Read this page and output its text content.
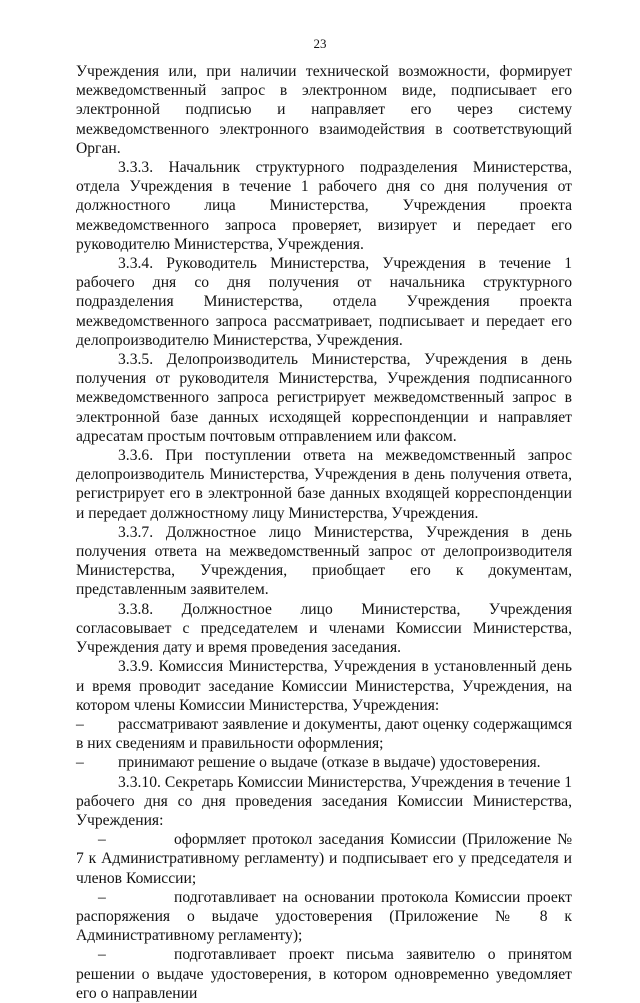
23

Учреждения или, при наличии технической возможности, формирует межведомственный запрос в электронном виде, подписывает его электронной подписью и направляет его через систему межведомственного электронного взаимодействия в соответствующий Орган.

3.3.3. Начальник структурного подразделения Министерства, отдела Учреждения в течение 1 рабочего дня со дня получения от должностного лица Министерства, Учреждения проекта межведомственного запроса проверяет, визирует и передает его руководителю Министерства, Учреждения.

3.3.4. Руководитель Министерства, Учреждения в течение 1 рабочего дня со дня получения от начальника структурного подразделения Министерства, отдела Учреждения проекта межведомственного запроса рассматривает, подписывает и передает его делопроизводителю Министерства, Учреждения.

3.3.5. Делопроизводитель Министерства, Учреждения в день получения от руководителя Министерства, Учреждения подписанного межведомственного запроса регистрирует межведомственный запрос в электронной базе данных исходящей корреспонденции и направляет адресатам простым почтовым отправлением или факсом.

3.3.6. При поступлении ответа на межведомственный запрос делопроизводитель Министерства, Учреждения в день получения ответа, регистрирует его в электронной базе данных входящей корреспонденции и передает должностному лицу Министерства, Учреждения.

3.3.7. Должностное лицо Министерства, Учреждения в день получения ответа на межведомственный запрос от делопроизводителя Министерства, Учреждения, приобщает его к документам, представленным заявителем.

3.3.8. Должностное лицо Министерства, Учреждения согласовывает с председателем и членами Комиссии Министерства, Учреждения дату и время проведения заседания.

3.3.9. Комиссия Министерства, Учреждения в установленный день и время проводит заседание Комиссии Министерства, Учреждения, на котором члены Комиссии Министерства, Учреждения:

– рассматривают заявление и документы, дают оценку содержащимся в них сведениям и правильности оформления;

– принимают решение о выдаче (отказе в выдаче) удостоверения.

3.3.10. Секретарь Комиссии Министерства, Учреждения в течение 1 рабочего дня со дня проведения заседания Комиссии Министерства, Учреждения:

–	оформляет протокол заседания Комиссии (Приложение № 7 к Административному регламенту) и подписывает его у председателя и членов Комиссии;

–	подготавливает на основании протокола Комиссии проект распоряжения о выдаче удостоверения (Приложение № 8 к Административному регламенту);

–	подготавливает проект письма заявителю о принятом решении о выдаче удостоверения, в котором одновременно уведомляет его о направлении
